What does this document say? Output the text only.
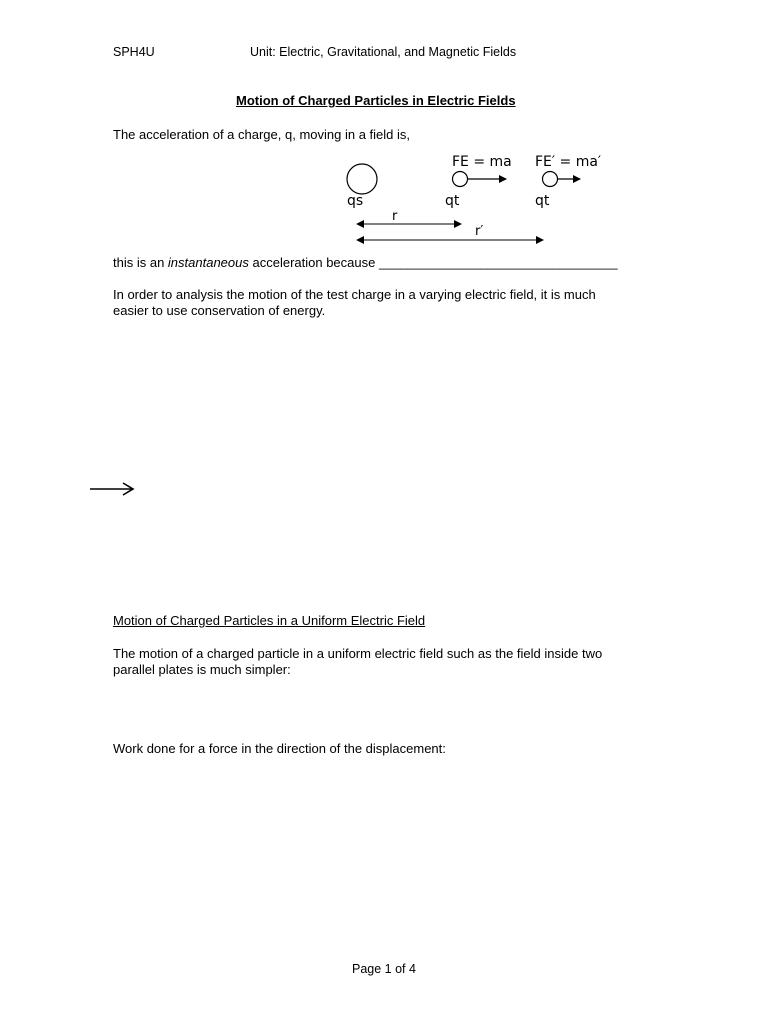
SPH4U	Unit: Electric, Gravitational, and Magnetic Fields
Motion of Charged Particles in Electric Fields
The acceleration of a charge, q, moving in a field is,
FE = ma FE′ = ma′
qs	qt	qt
r
r′
this is an instantaneous acceleration because _________________________________
In order to analysis the motion of the test charge in a varying electric field, it is much
easier to use conservation of energy.
Motion of Charged Particles in a Uniform Electric Field
The motion of a charged particle in a uniform electric field such as the field inside two
parallel plates is much simpler:
Work done for a force in the direction of the displacement:
Page 1 of 4
